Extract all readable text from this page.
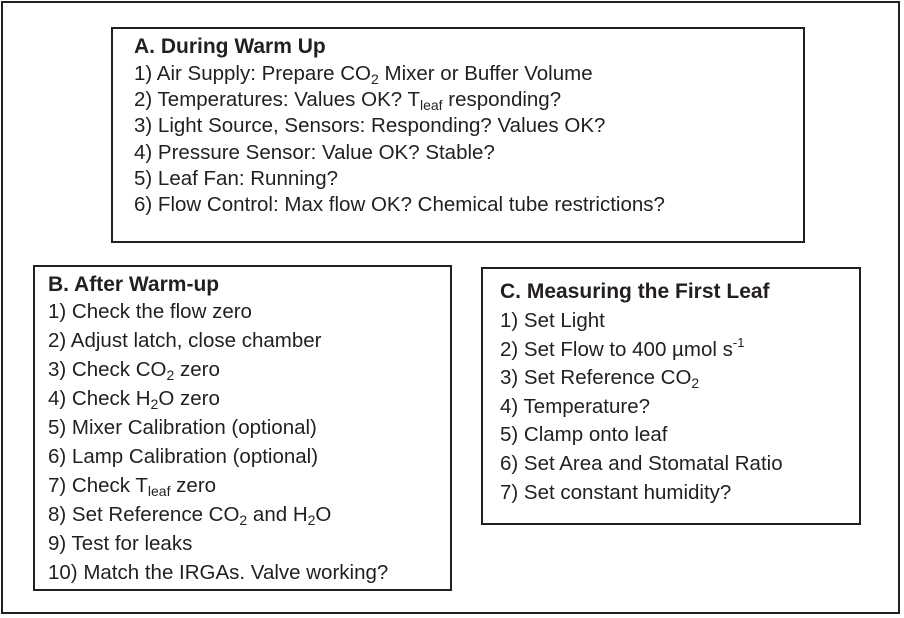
A. During Warm Up
1) Air Supply: Prepare $CO_2$ Mixer or Buffer Volume
2) Temperatures: Values OK? $T_{leaf}$ responding?
3) Light Source, Sensors: Responding? Values OK?
4) Pressure Sensor: Value OK? Stable?
5) Leaf Fan: Running?
6) Flow Control: Max flow OK? Chemical tube restrictions?
B. After Warm-up
1) Check the flow zero
2) Adjust latch, close chamber
3) Check $CO_2$ zero
4) Check $H_2O$ zero
5) Mixer Calibration (optional)
6) Lamp Calibration (optional)
7) Check $T_{leaf}$ zero
8) Set Reference $CO_2$ and $H_2O$
9) Test for leaks
10) Match the IRGAs. Valve working?
C. Measuring the First Leaf
1) Set Light
2) Set Flow to 400 µmol $s^{-1}$
3) Set Reference $CO_2$
4) Temperature?
5) Clamp onto leaf
6) Set Area and Stomatal Ratio
7) Set constant humidity?
